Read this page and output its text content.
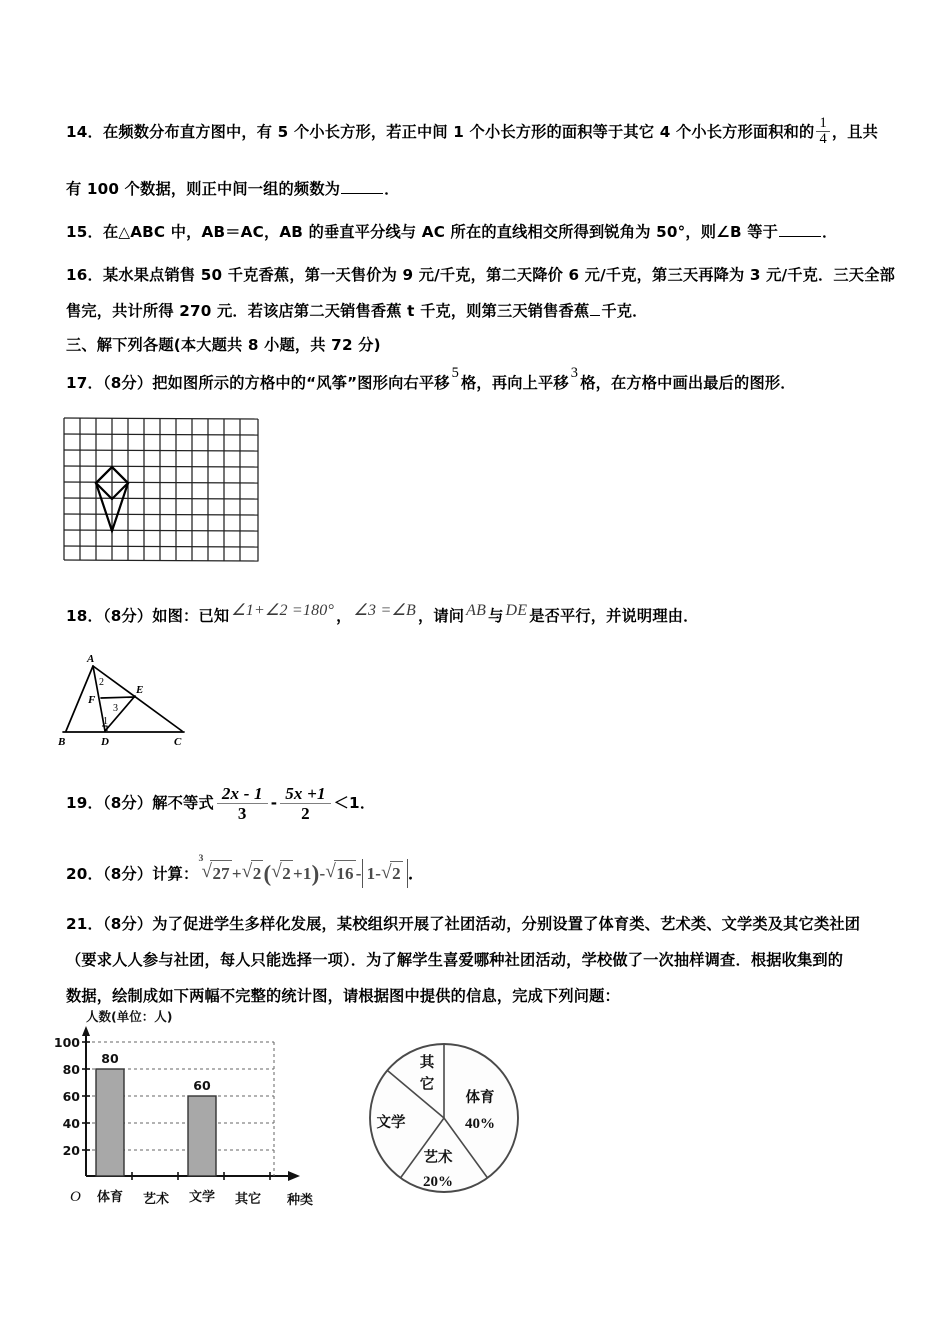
14．在频数分布直方图中，有 5 个小长方形，若正中间 1 个小长方形的面积等于其它 4 个小长方形面积和的 $\frac{1}{4}$ ，且共
有 100 个数据，则正中间一组的频数为	．
15．在△ABC 中，AB＝AC，AB 的垂直平分线与 AC 所在的直线相交所得到锐角为 50°，则∠B 等于	．
16．某水果点销售 50 千克香蕉，第一天售价为 9 元/千克，第二天降价 6 元/千克，第三天再降为 3 元/千克．三天全部
售完，共计所得 270 元．若该店第二天销售香蕉 t 千克，则第三天销售香蕉 千克．
三、解下列各题(本大题共 8 小题，共 72 分)
17．（8分）把如图所示的方格中的“风筝”图形向右平移5格，再向上平移3格，在方格中画出最后的图形．
18．（8分）如图：已知 ∠1+∠2 =180° ， ∠3 =∠B ，请问 AB 与 DE 是否平行，并说明理由．
A
B	C
D
E
F
1
2
3
19．（8分）解不等式 $\frac{2x - 1}{3} - \frac{5x +1}{2} <1$．
20．（8分）计算：
√ 3
27 + √ 2( √ 2 +1)- √ 16 - 1- √ 2 ．
21．（8分）为了促进学生多样化发展，某校组织开展了社团活动，分别设置了体育类、艺术类、文学类及其它类社团
（要求人人参与社团，每人只能选择一项）．为了解学生喜爱哪种社团活动，学校做了一次抽样调查．根据收集到的
数据，绘制成如下两幅不完整的统计图，请根据图中提供的信息，完成下列问题：
人数(单位：人)
100
80
60
40
20
80
60
O 体育 艺术 文学 其它 种类
体育
40%
艺术
20%
文学
其
它
